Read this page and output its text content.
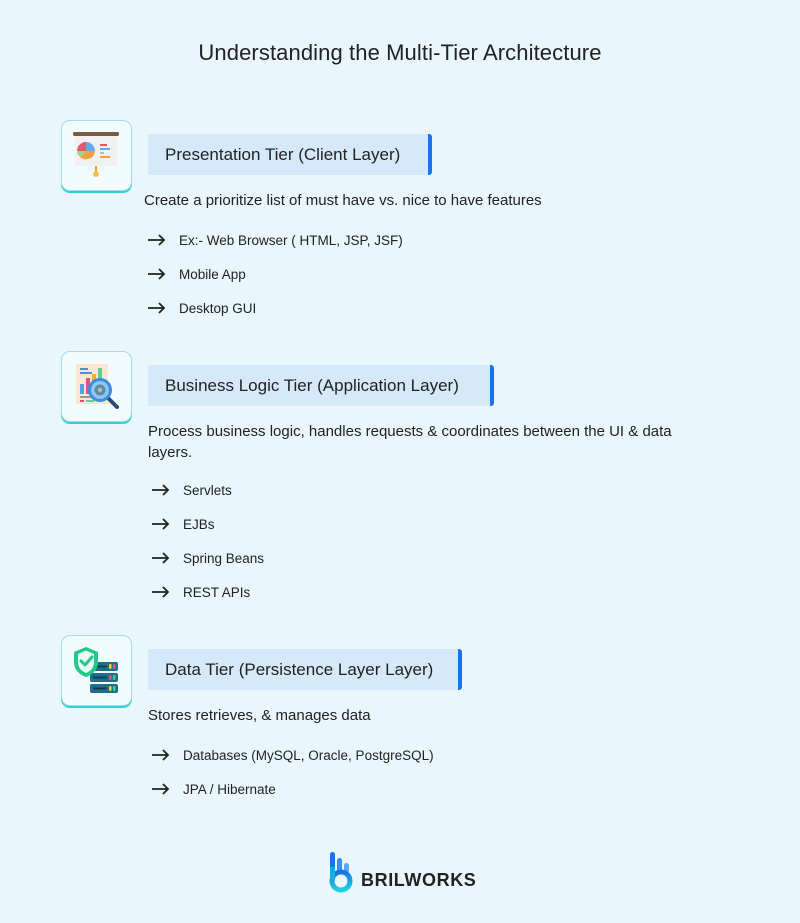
Understanding the Multi-Tier Architecture
Presentation Tier (Client Layer)
Create a prioritize list of must have vs. nice to have features
Ex:- Web Browser ( HTML, JSP, JSF)
Mobile App
Desktop GUI
Business Logic Tier (Application Layer)
Process business logic, handles requests & coordinates between the UI & data layers.
Servlets
EJBs
Spring Beans
REST APIs
Data Tier (Persistence Layer Layer)
Stores retrieves, & manages data
Databases (MySQL, Oracle, PostgreSQL)
JPA / Hibernate
BRILWORKS
